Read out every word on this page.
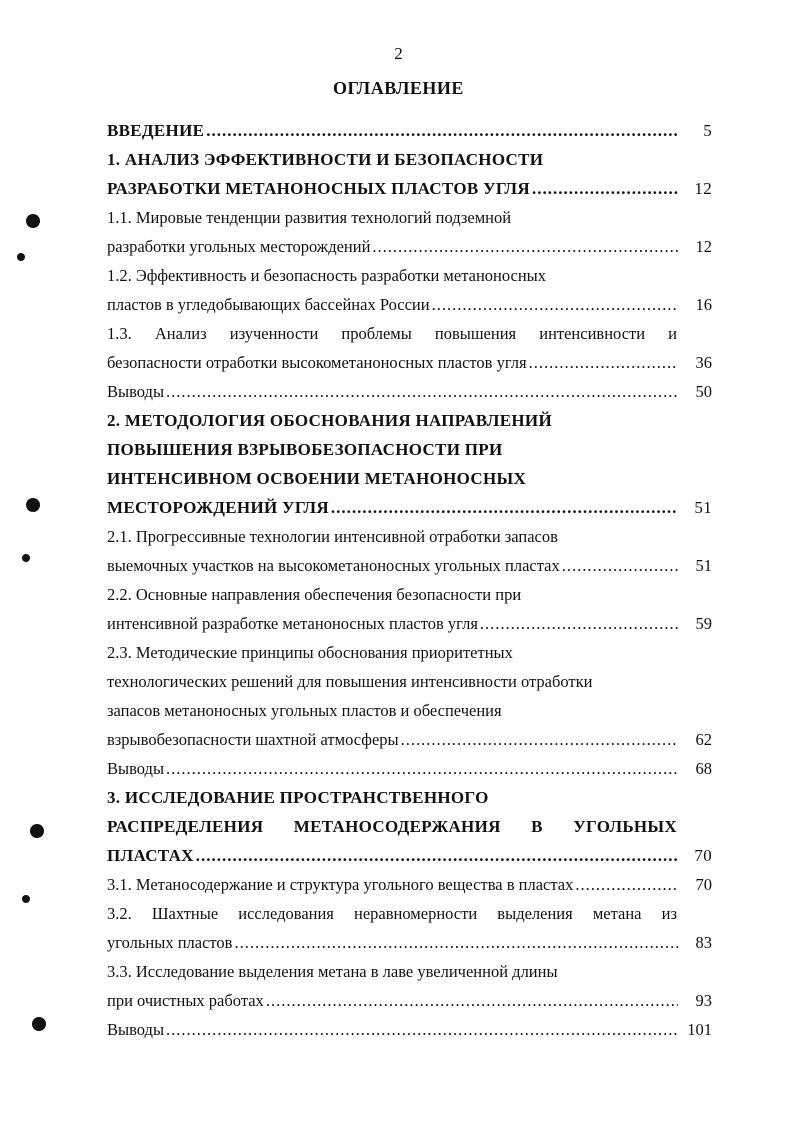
2
ОГЛАВЛЕНИЕ
ВВЕДЕНИЕ .....	5
1. АНАЛИЗ ЭФФЕКТИВНОСТИ И БЕЗОПАСНОСТИ
РАЗРАБОТКИ МЕТАНОНОСНЫХ ПЛАСТОВ УГЛЯ .....	12
1.1. Мировые тенденции развития технологий подземной
разработки угольных месторождений .....	12
1.2. Эффективность и безопасность разработки метаноносных
пластов в угледобывающих бассейнах России .....	16
1.3. Анализ изученности проблемы повышения интенсивности и
безопасности отработки высокометаноносных пластов угля .....	36
Выводы .....	50
2. МЕТОДОЛОГИЯ ОБОСНОВАНИЯ НАПРАВЛЕНИЙ
ПОВЫШЕНИЯ ВЗРЫВОБЕЗОПАСНОСТИ ПРИ
ИНТЕНСИВНОМ ОСВОЕНИИ МЕТАНОНОСНЫХ
МЕСТОРОЖДЕНИЙ УГЛЯ .....	51
2.1. Прогрессивные технологии интенсивной отработки запасов
выемочных участков на высокометаноносных угольных пластах .....	51
2.2. Основные направления обеспечения безопасности при
интенсивной разработке метаноносных пластов угля .....	59
2.3. Методические принципы обоснования приоритетных
технологических решений для повышения интенсивности отработки
запасов метаноносных угольных пластов и обеспечения
взрывобезопасности шахтной атмосферы .....	62
Выводы .....	68
3. ИССЛЕДОВАНИЕ ПРОСТРАНСТВЕННОГО
РАСПРЕДЕЛЕНИЯ МЕТАНОСОДЕРЖАНИЯ В УГОЛЬНЫХ
ПЛАСТАХ .....	70
3.1. Метаносодержание и структура угольного вещества в пластах .....	70
3.2. Шахтные исследования неравномерности выделения метана из
угольных пластов .....	83
3.3. Исследование выделения метана в лаве увеличенной длины
при очистных работах .....	93
Выводы .....	101
